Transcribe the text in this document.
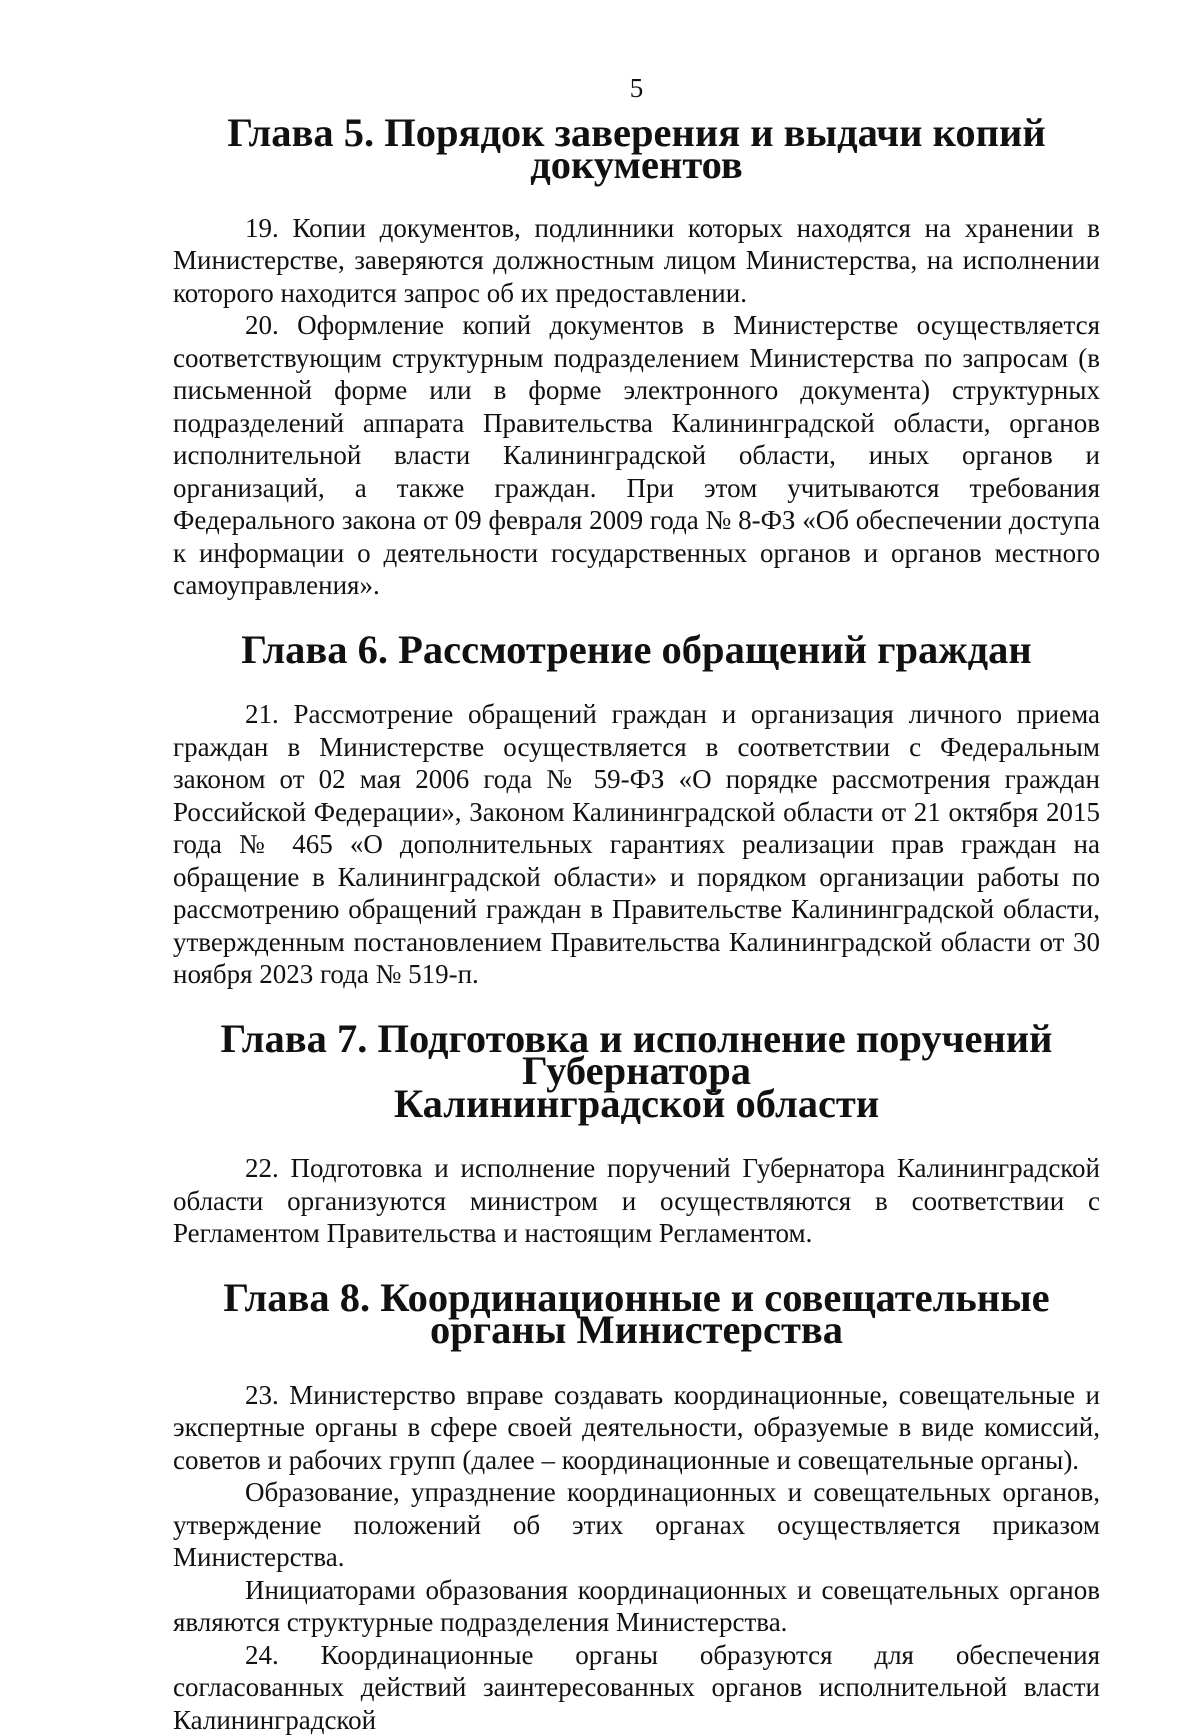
5
Глава 5. Порядок заверения и выдачи копий документов

19. Копии документов, подлинники которых находятся на хранении в Министерстве, заверяются должностным лицом Министерства, на исполнении которого находится запрос об их предоставлении.

20. Оформление копий документов в Министерстве осуществляется соответствующим структурным подразделением Министерства по запросам (в письменной форме или в форме электронного документа) структурных подразделений аппарата Правительства Калининградской области, органов исполнительной власти Калининградской области, иных органов и организаций, а также граждан. При этом учитываются требования Федерального закона от 09 февраля 2009 года № 8-ФЗ «Об обеспечении доступа к информации о деятельности государственных органов и органов местного самоуправления».

Глава 6. Рассмотрение обращений граждан

21. Рассмотрение обращений граждан и организация личного приема граждан в Министерстве осуществляется в соответствии с Федеральным законом от 02 мая 2006 года № 59-ФЗ «О порядке рассмотрения граждан Российской Федерации», Законом Калининградской области от 21 октября 2015 года № 465 «О дополнительных гарантиях реализации прав граждан на обращение в Калининградской области» и порядком организации работы по рассмотрению обращений граждан в Правительстве Калининградской области, утвержденным постановлением Правительства Калининградской области от 30 ноября 2023 года № 519-п.

Глава 7. Подготовка и исполнение поручений Губернатора
Калининградской области

22. Подготовка и исполнение поручений Губернатора Калининградской области организуются министром и осуществляются в соответствии с Регламентом Правительства и настоящим Регламентом.

Глава 8. Координационные и совещательные органы Министерства

23. Министерство вправе создавать координационные, совещательные и экспертные органы в сфере своей деятельности, образуемые в виде комиссий, советов и рабочих групп (далее – координационные и совещательные органы).

Образование, упразднение координационных и совещательных органов, утверждение положений об этих органах осуществляется приказом Министерства.

Инициаторами образования координационных и совещательных органов являются структурные подразделения Министерства.

24. Координационные органы образуются для обеспечения согласованных действий заинтересованных органов исполнительной власти Калининградской
